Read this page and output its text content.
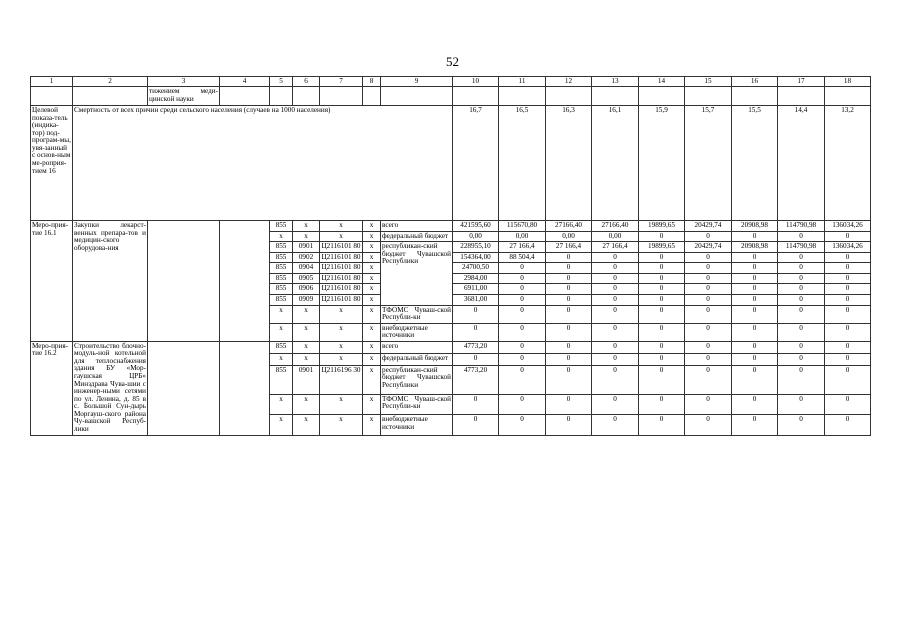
52
1	2	3	4	5	6	7	8	9	10	11	12	13	14	15	16	17	18
		тижением меди-цинской науки															
Целевой показа-тель (индика-тор) под-програм-мы, увя-занный с основ-ным ме-роприя-тием 16	Смертность от всех причин среди сельского населения (случаев на 1000 населения)								16,7	16,5	16,3	16,1	15,9	15,7	15,5	14,4	13,2
Меро-прия-тие 16.1	Закупки лекарст-венных препара-тов и медицин-ского оборудова-ния			855	х	х	х	всего	421595,60	115670,80	27166,40	27166,40	19899,65	20429,74	20908,98	114790,98	136034,26
				х	х	х	х	федеральный бюджет	0,00	0,00	0,00	0,00	0	0	0	0	0
				855	0901	Ц2116101 80	х	республикан-ский бюджет Чувашской Республики	228955,10	27 166,4	27 166,4	27 166,4	19899,65	20429,74	20908,98	114790,98	136034,26
				855	0902	Ц2116101 80	х		154364,00	88 504,4	0	0	0	0	0	0	0
				855	0904	Ц2116101 80	х		24700,50	0	0	0	0	0	0	0	0
				855	0905	Ц2116101 80	х		2984,00	0	0	0	0	0	0	0	0
				855	0906	Ц2116101 80	х		6911,00	0	0	0	0	0	0	0	0
				855	0909	Ц2116101 80	х		3681,00	0	0	0	0	0	0	0	0
				х	х	х	х	ТФОМС Чуваш-ской Республи-ки	0	0	0	0	0	0	0	0	0
				х	х	х	х	внебюджетные источники	0	0	0	0	0	0	0	0	0
Меро-прия-тие 16.2	Строительство блочно-модуль-ной котельной для теплоснабжения здания БУ «Мор-гаушская ЦРБ» Минздрава Чува-шии с инженер-ными сетями по ул. Ленина, д. 85 в с. Большой Сун-дырь Моргауш-ского района Чу-вашской Респуб-лики			855	х	х	х	всего	4773,20	0	0	0	0	0	0	0	0
				х	х	х	х	федеральный бюджет	0	0	0	0	0	0	0	0	0
				855	0901	Ц2116196 30	х	республикан-ский бюджет Чувашской Республики	4773,20	0	0	0	0	0	0	0	0
				х	х	х	х	ТФОМС Чуваш-ской Республи-ки	0	0	0	0	0	0	0	0	0
				х	х	х	х	внебюджетные источники	0	0	0	0	0	0	0	0	0
